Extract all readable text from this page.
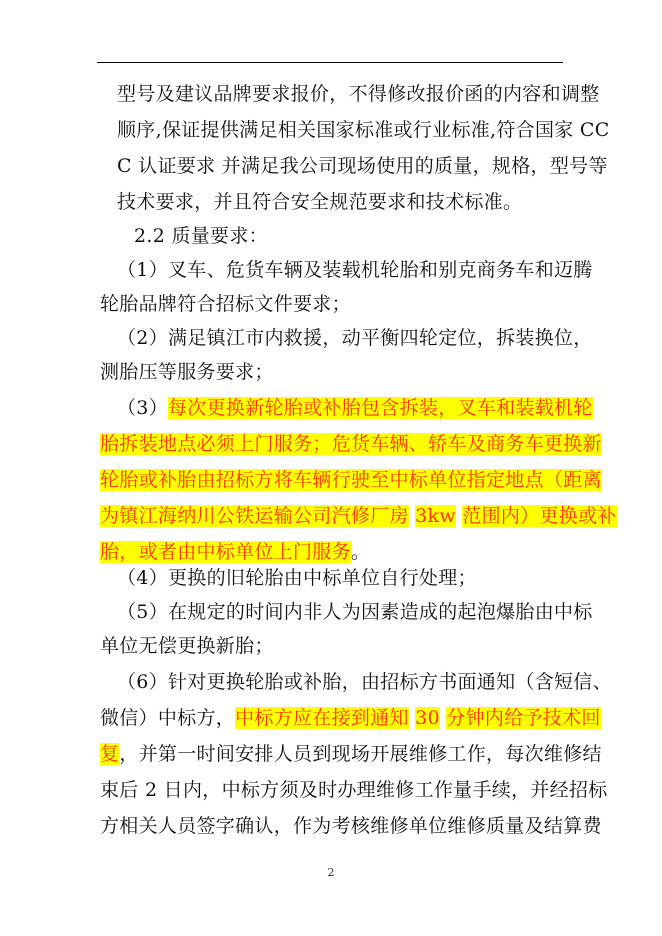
型号及建议品牌要求报价，不得修改报价函的内容和调整
顺序,保证提供满足相关国家标准或行业标准,符合国家 CC
C 认证要求 并满足我公司现场使用的质量，规格，型号等
技术要求，并且符合安全规范要求和技术标准。
2.2 质量要求：
（1）叉车、危货车辆及装载机轮胎和别克商务车和迈腾
轮胎品牌符合招标文件要求；
（2）满足镇江市内救援，动平衡四轮定位，拆装换位，
测胎压等服务要求；
（3）每次更换新轮胎或补胎包含拆装，叉车和装载机轮
胎拆装地点必须上门服务；危货车辆、轿车及商务车更换新
轮胎或补胎由招标方将车辆行驶至中标单位指定地点（距离
为镇江海纳川公铁运输公司汽修厂房 3kw 范围内）更换或补
胎，或者由中标单位上门服务。
（4）更换的旧轮胎由中标单位自行处理；
（5）在规定的时间内非人为因素造成的起泡爆胎由中标
单位无偿更换新胎；
（6）针对更换轮胎或补胎，由招标方书面通知（含短信、
微信）中标方，中标方应在接到通知 30 分钟内给予技术回
复，并第一时间安排人员到现场开展维修工作，每次维修结
束后 2 日内，中标方须及时办理维修工作量手续，并经招标
方相关人员签字确认，作为考核维修单位维修质量及结算费
2
